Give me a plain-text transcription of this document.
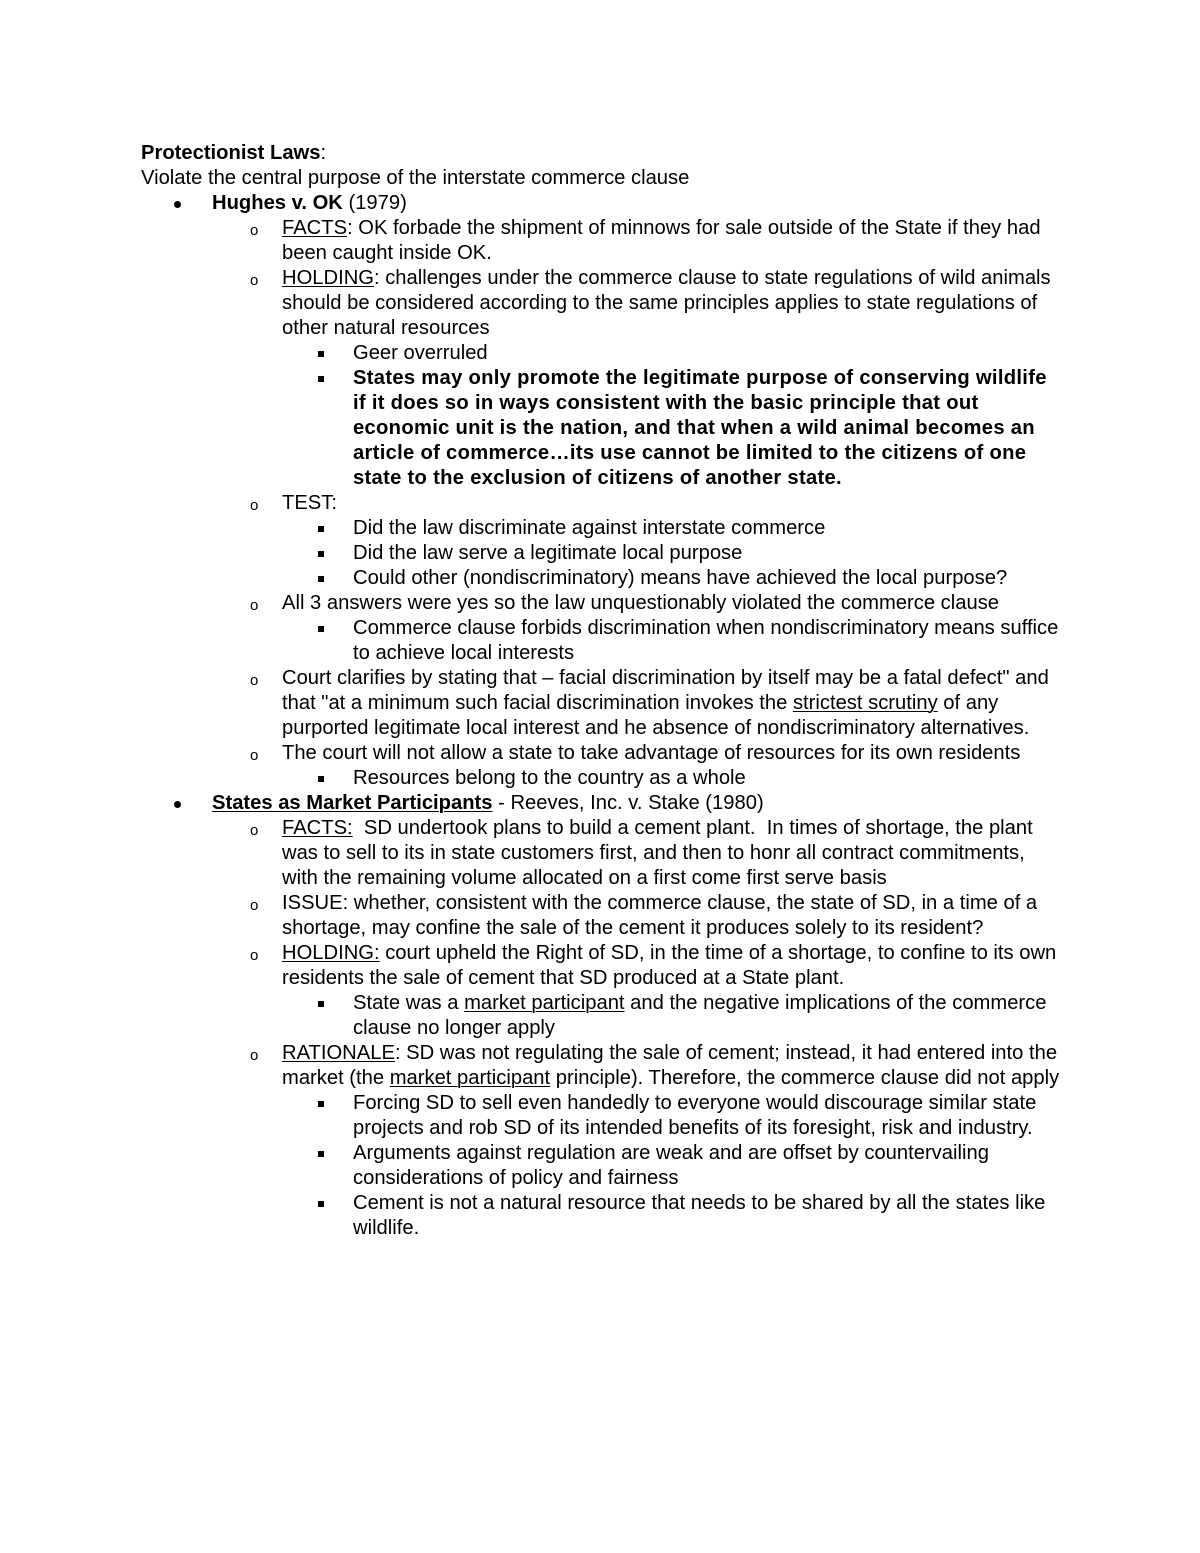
Protectionist Laws:

Violate the central purpose of the interstate commerce clause

Hughes v. OK (1979)
o FACTS: OK forbade the shipment of minnows for sale outside of the State if they had been caught inside OK.
o HOLDING: challenges under the commerce clause to state regulations of wild animals should be considered according to the same principles applies to state regulations of other natural resources
Geer overruled
States may only promote the legitimate purpose of conserving wildlife if it does so in ways consistent with the basic principle that out economic unit is the nation, and that when a wild animal becomes an article of commerce…its use cannot be limited to the citizens of one state to the exclusion of citizens of another state.
o TEST:
Did the law discriminate against interstate commerce
Did the law serve a legitimate local purpose
Could other (nondiscriminatory) means have achieved the local purpose?
o All 3 answers were yes so the law unquestionably violated the commerce clause
Commerce clause forbids discrimination when nondiscriminatory means suffice to achieve local interests
o Court clarifies by stating that – facial discrimination by itself may be a fatal defect" and that "at a minimum such facial discrimination invokes the strictest scrutiny of any purported legitimate local interest and he absence of nondiscriminatory alternatives.
o The court will not allow a state to take advantage of resources for its own residents
Resources belong to the country as a whole
States as Market Participants - Reeves, Inc. v. Stake (1980)
o FACTS:  SD undertook plans to build a cement plant.  In times of shortage, the plant was to sell to its in state customers first, and then to honr all contract commitments, with the remaining volume allocated on a first come first serve basis
o ISSUE: whether, consistent with the commerce clause, the state of SD, in a time of a shortage, may confine the sale of the cement it produces solely to its resident?
o HOLDING: court upheld the Right of SD, in the time of a shortage, to confine to its own residents the sale of cement that SD produced at a State plant.
State was a market participant and the negative implications of the commerce clause no longer apply
o RATIONALE: SD was not regulating the sale of cement; instead, it had entered into the market (the market participant principle). Therefore, the commerce clause did not apply
Forcing SD to sell even handedly to everyone would discourage similar state projects and rob SD of its intended benefits of its foresight, risk and industry.
Arguments against regulation are weak and are offset by countervailing considerations of policy and fairness
Cement is not a natural resource that needs to be shared by all the states like wildlife.
